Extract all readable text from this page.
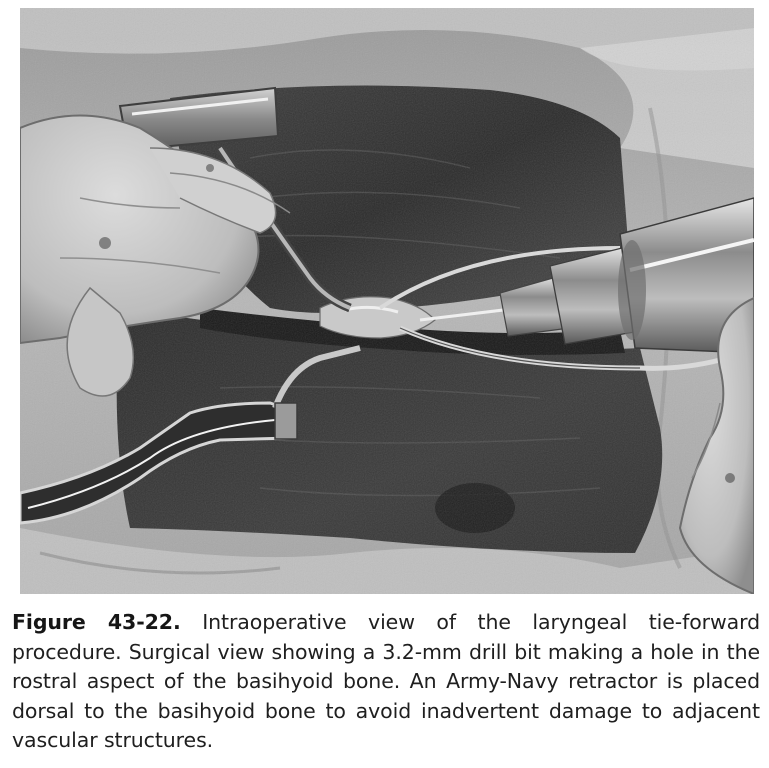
Figure 43-22. Intraoperative view of the laryngeal tie-forward procedure. Surgical view showing a 3.2-mm drill bit making a hole in the rostral aspect of the basihyoid bone. An Army-Navy retractor is placed dorsal to the basihyoid bone to avoid inadvertent damage to adjacent vascular structures.
